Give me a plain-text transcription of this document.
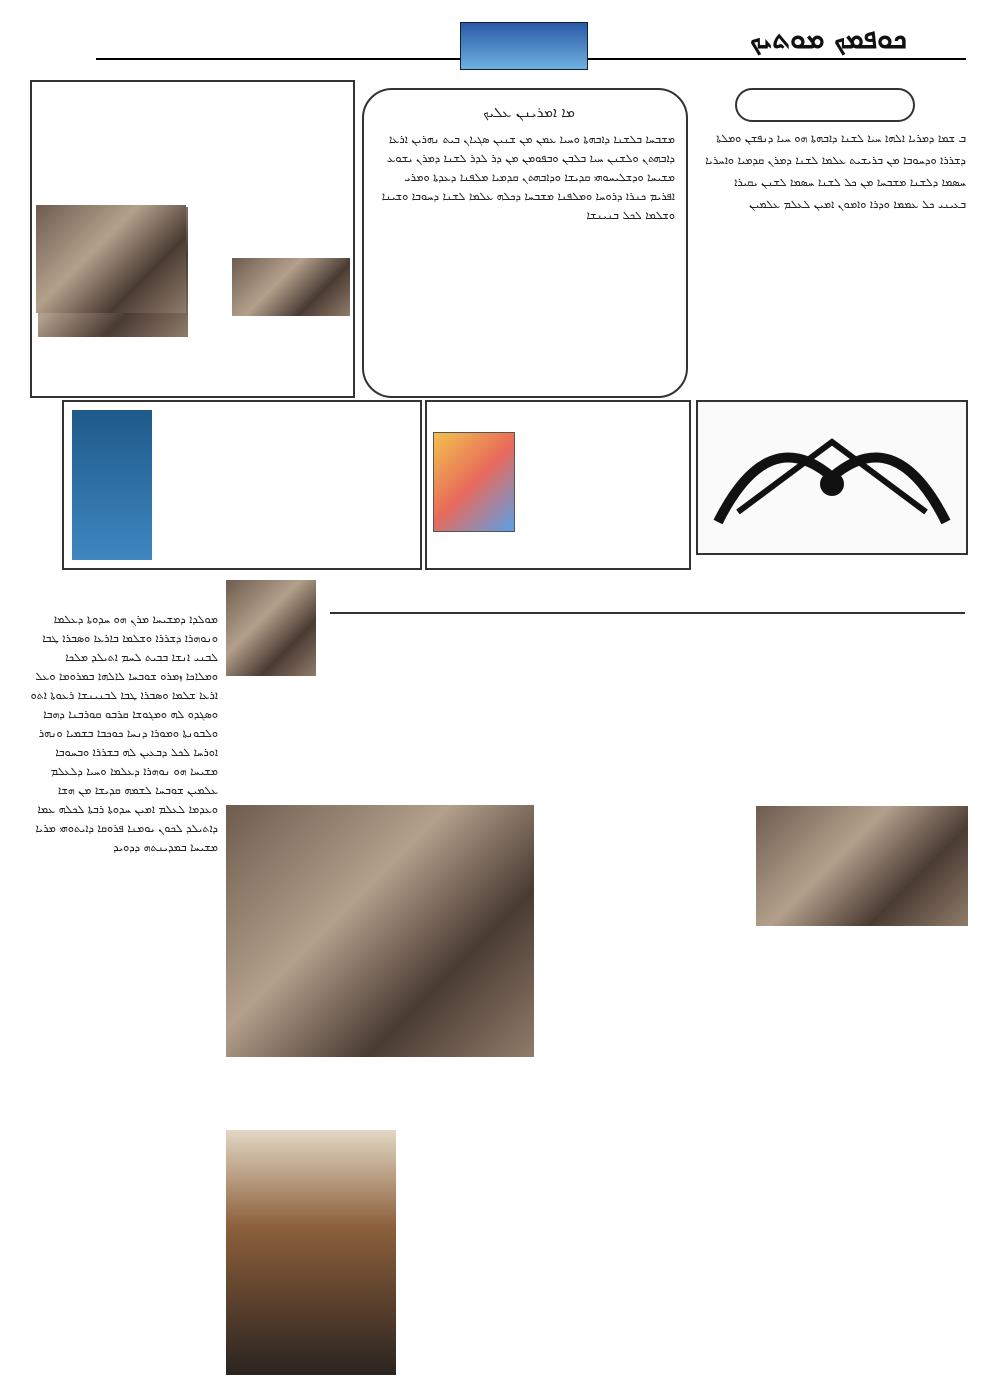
ܟܘܦܡܟ ܡܘܬܝܟ
ܡܐ ܐܡܪܝܢܢ ܥܠܝܟ
ܡܫܒܚܐ ܒܠܫܢܐ ܕܐܒܗܬܐ ܘܚܝܐ ܥܡܢ ܡܢ ܫܢܝܢ ܣܓܝܐܢ ܒܝܬ ܢܗܪܝܢ ܐܪܥܐ ܕܐܒܗܬܢ ܘܠܫܢܢ ܚܝܐ ܒܠܒܢ ܘܒܦܘܡܢ ܡܢ ܕܪ ܠܕܪ ܠܫܢܐ ܕܡܪܢ ܝܫܘܥ ܡܫܝܚܐ ܘܕܫܠܝܚܘܗܝ ܩܕܝܫܐ ܘܕܐܒܗܬܢ ܩܕܡܝܐ ܡܠܦܢܐ ܕܥܕܬܐ ܘܡܪܝ ܐܦܪܝܡ ܟܢܪܐ ܕܪܘܚܐ ܘܡܠܦܢܐ ܡܫܒܚܐ ܕܟܠܗ ܥܠܡܐ ܠܫܢܐ ܕܚܘܒܐ ܘܫܝܢܐ ܘܫܠܡܐ ܠܟܠ ܒܢܝܢܫܐ
ܒ ܫܡܐ ܕܡܪܝܐ ܐܠܗܐ ܚܝܐ ܠܫܢܐ ܕܐܒܗܬܐ ܗܘ ܚܝܐ ܕܢܦܫܢ ܘܡܠܬܐ ܕܫܪܪܐ ܘܕܚܘܒܐ ܡܢ ܒܪܝܫܝܬ ܥܠܡܐ ܠܫܢܐ ܕܡܪܢ ܩܕܡܝܐ ܘܐܚܪܝܐ ܚܣܡܐ ܕܠܫܢܐ ܡܫܒܚܐ ܡܢ ܟܠ ܠܫܢܐ ܚܣܡܐ ܠܫܢܢ ܝܩܝܪܐ ܒܥܝܢܝ ܟܠ ܥܡܡܐ ܘܕܪܐ ܘܐܡܘܢ ܐܡܝܢ ܠܥܠܡ ܥܠܡܝܢ
ܡܘܠܕܐ ܕܡܫܝܚܐ ܡܪܢ ܗܘ ܚܕܘܬܐ ܕܥܠܡܐ ܘܢܘܗܪܐ ܕܫܪܪܐ ܘܫܠܡܐ ܒܐܪܥܐ ܘܣܒܪܐ ܛܒܐ ܠܒܢܝ ܐܢܫܐ ܒܒܝܬ ܠܚܡ ܐܬܝܠܕ ܡܠܟܐ ܘܡܠܐܟܐ ܙܡܪܘ ܫܘܒܚܐ ܠܐܠܗܐ ܒܡܪܘܡܐ ܘܥܠ ܐܪܥܐ ܫܠܡܐ ܘܣܒܪܐ ܛܒܐ ܠܒܢܝܢܫܐ ܪܥܘܬܐ ܐܬܘ ܘܣܓܕܘ ܠܗ ܘܡܓܘܫܐ ܩܪܒܘ ܩܘܪܒܢܐ ܕܗܒܐ ܘܠܒܘܢܬܐ ܘܡܘܪܐ ܕܢܚܐ ܟܘܟܒܐ ܒܫܡܝܐ ܘܢܗܪ ܐܘܪܚܐ ܠܟܠ ܕܒܥܝܢ ܠܗ ܒܫܪܪܐ ܘܒܚܘܒܐ ܡܫܝܚܐ ܗܘ ܢܘܗܪܐ ܕܥܠܡܐ ܘܚܝܐ ܕܠܥܠܡ ܥܠܡܝܢ ܫܘܒܚܐ ܠܫܡܗ ܩܕܝܫܐ ܡܢ ܗܫܐ ܘܥܕܡܐ ܠܥܠܡ ܐܡܝܢ ܚܕܘܬܐ ܪܒܬܐ ܠܟܠܗ ܥܡܐ ܕܐܬܝܠܕ ܠܟܘܢ ܝܘܡܢܐ ܦܪܘܩܐ ܕܐܝܬܘܗܝ ܡܪܝܐ ܡܫܝܚܐ ܒܡܕܝܢܬܗ ܕܕܘܝܕ
